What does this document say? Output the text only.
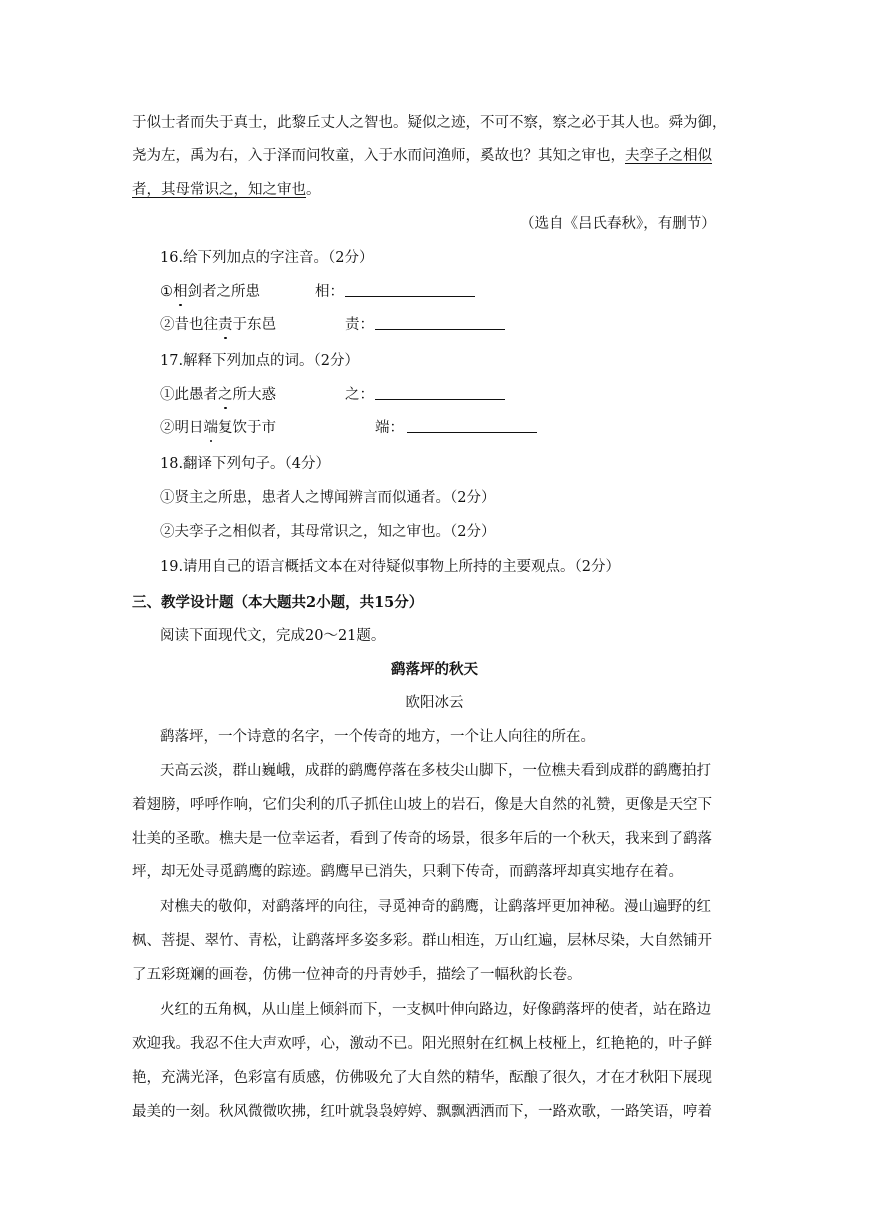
于似士者而失于真士，此黎丘丈人之智也。疑似之迹，不可不察，察之必于其人也。舜为御，
尧为左，禹为右，入于泽而问牧童，入于水而问渔师，奚故也？其知之审也，夫孪子之相似
者，其母常识之，知之审也。
（选自《吕氏春秋》，有删节）
16.给下列加点的字注音。（2分）
①相剑者之所患	相：
②昔也往责于东邑	责：
17.解释下列加点的词。（2分）
①此愚者之所大惑	之：
②明日端复饮于市	端：
18.翻译下列句子。（4分）
①贤主之所患，患者人之博闻辨言而似通者。（2分）
②夫孪子之相似者，其母常识之，知之审也。（2分）
19.请用自己的语言概括文本在对待疑似事物上所持的主要观点。（2分）
三、教学设计题（本大题共2小题，共15分）
阅读下面现代文，完成20～21题。
鹞落坪的秋天
欧阳冰云
鹞落坪，一个诗意的名字，一个传奇的地方，一个让人向往的所在。
天高云淡，群山巍峨，成群的鹞鹰停落在多枝尖山脚下，一位樵夫看到成群的鹞鹰拍打
着翅膀，呼呼作响，它们尖利的爪子抓住山坡上的岩石，像是大自然的礼赞，更像是天空下
壮美的圣歌。樵夫是一位幸运者，看到了传奇的场景，很多年后的一个秋天，我来到了鹞落
坪，却无处寻觅鹞鹰的踪迹。鹞鹰早已消失，只剩下传奇，而鹞落坪却真实地存在着。
对樵夫的敬仰，对鹞落坪的向往，寻觅神奇的鹞鹰，让鹞落坪更加神秘。漫山遍野的红
枫、菩提、翠竹、青松，让鹞落坪多姿多彩。群山相连，万山红遍，层林尽染，大自然铺开
了五彩斑斓的画卷，仿佛一位神奇的丹青妙手，描绘了一幅秋韵长卷。
火红的五角枫，从山崖上倾斜而下，一支枫叶伸向路边，好像鹞落坪的使者，站在路边
欢迎我。我忍不住大声欢呼，心，激动不已。阳光照射在红枫上枝桠上，红艳艳的，叶子鲜
艳，充满光泽，色彩富有质感，仿佛吸允了大自然的精华，酝酿了很久，才在才秋阳下展现
最美的一刻。秋风微微吹拂，红叶就袅袅婷婷、飘飘洒洒而下，一路欢歌，一路笑语，哼着
